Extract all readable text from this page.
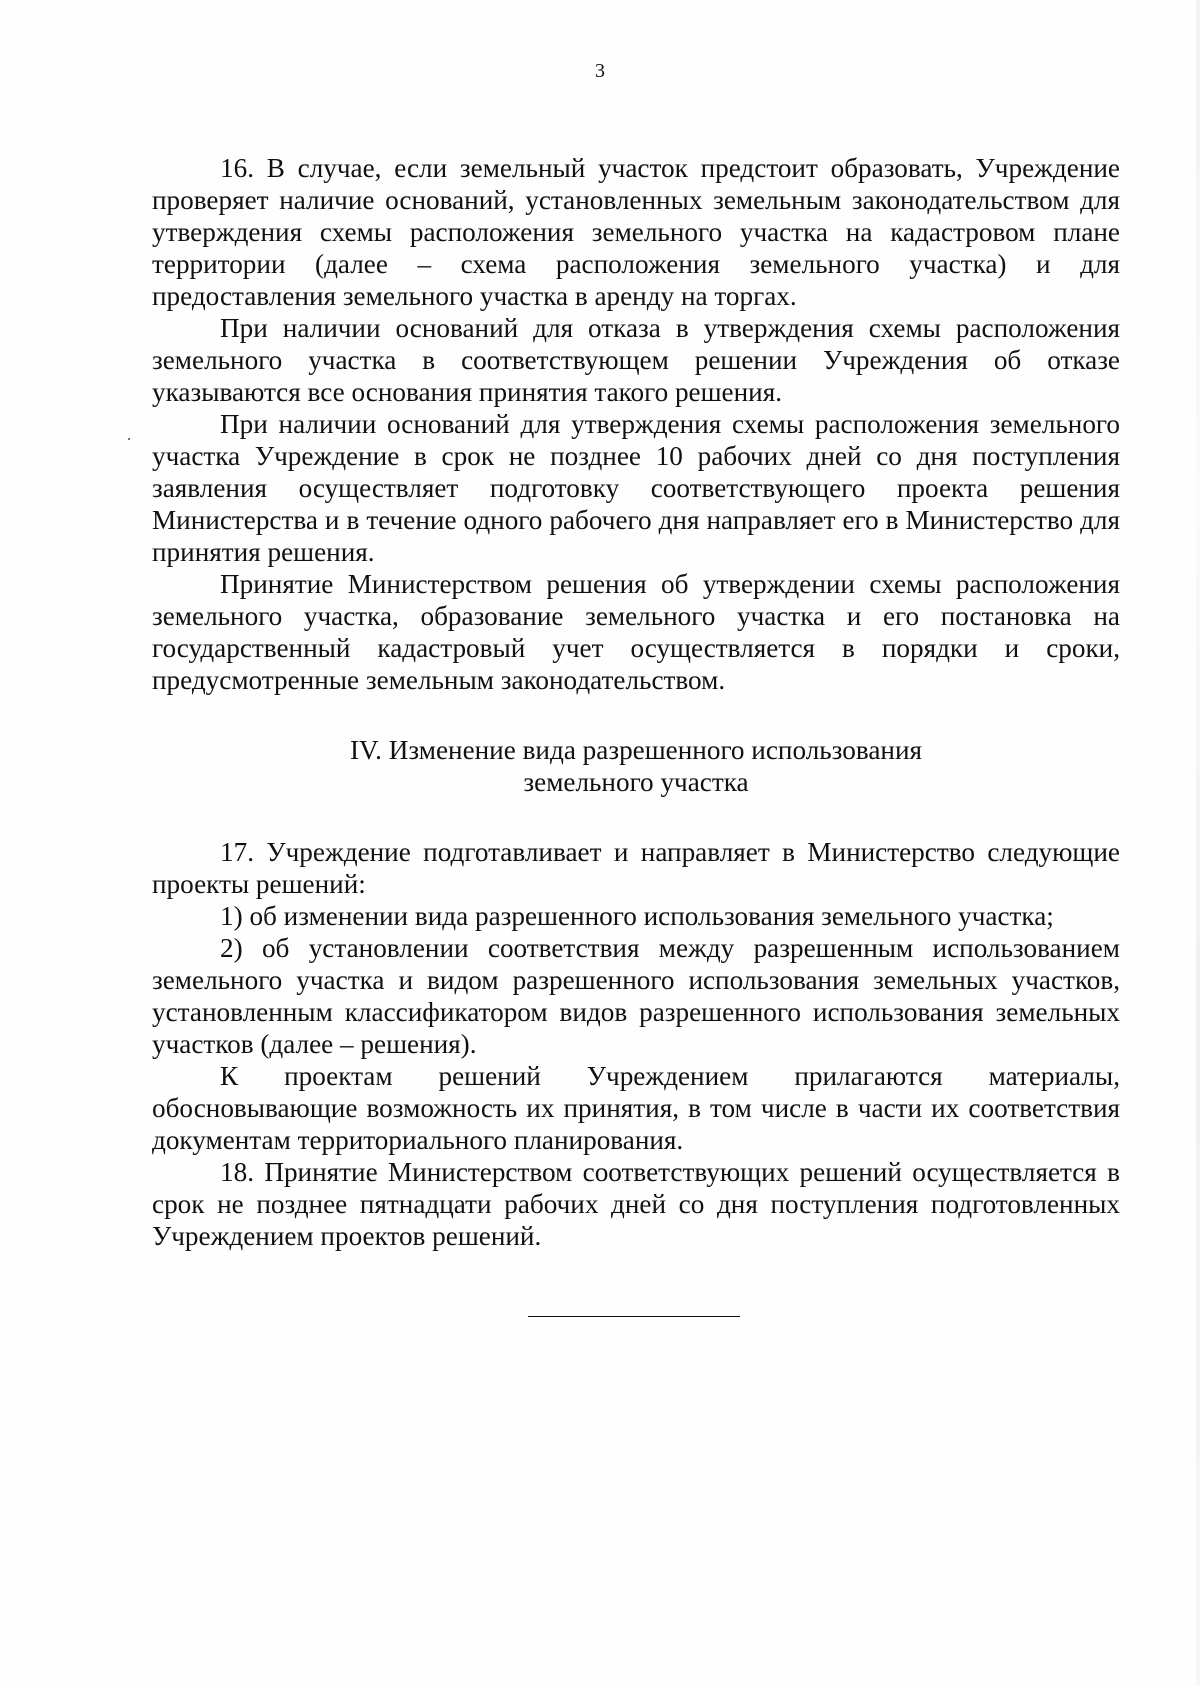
3

16. В случае, если земельный участок предстоит образовать, Учреждение проверяет наличие оснований, установленных земельным законодательством для утверждения схемы расположения земельного участка на кадастровом плане территории (далее – схема расположения земельного участка) и для предоставления земельного участка в аренду на торгах.

При наличии оснований для отказа в утверждения схемы расположения земельного участка в соответствующем решении Учреждения об отказе указываются все основания принятия такого решения.

При наличии оснований для утверждения схемы расположения земельного участка Учреждение в срок не позднее 10 рабочих дней со дня поступления заявления осуществляет подготовку соответствующего проекта решения Министерства и в течение одного рабочего дня направляет его в Министерство для принятия решения.

Принятие Министерством решения об утверждении схемы расположения земельного участка, образование земельного участка и его постановка на государственный кадастровый учет осуществляется в порядки и сроки, предусмотренные земельным законодательством.

IV. Изменение вида разрешенного использования
земельного участка

17. Учреждение подготавливает и направляет в Министерство следующие проекты решений:

1) об изменении вида разрешенного использования земельного участка;

2) об установлении соответствия между разрешенным использованием земельного участка и видом разрешенного использования земельных участков, установленным классификатором видов разрешенного использования земельных участков (далее – решения).

К проектам решений Учреждением прилагаются материалы, обосновывающие возможность их принятия, в том числе в части их соответствия документам территориального планирования.

18. Принятие Министерством соответствующих решений осуществляется в срок не позднее пятнадцати рабочих дней со дня поступления подготовленных Учреждением проектов решений.
